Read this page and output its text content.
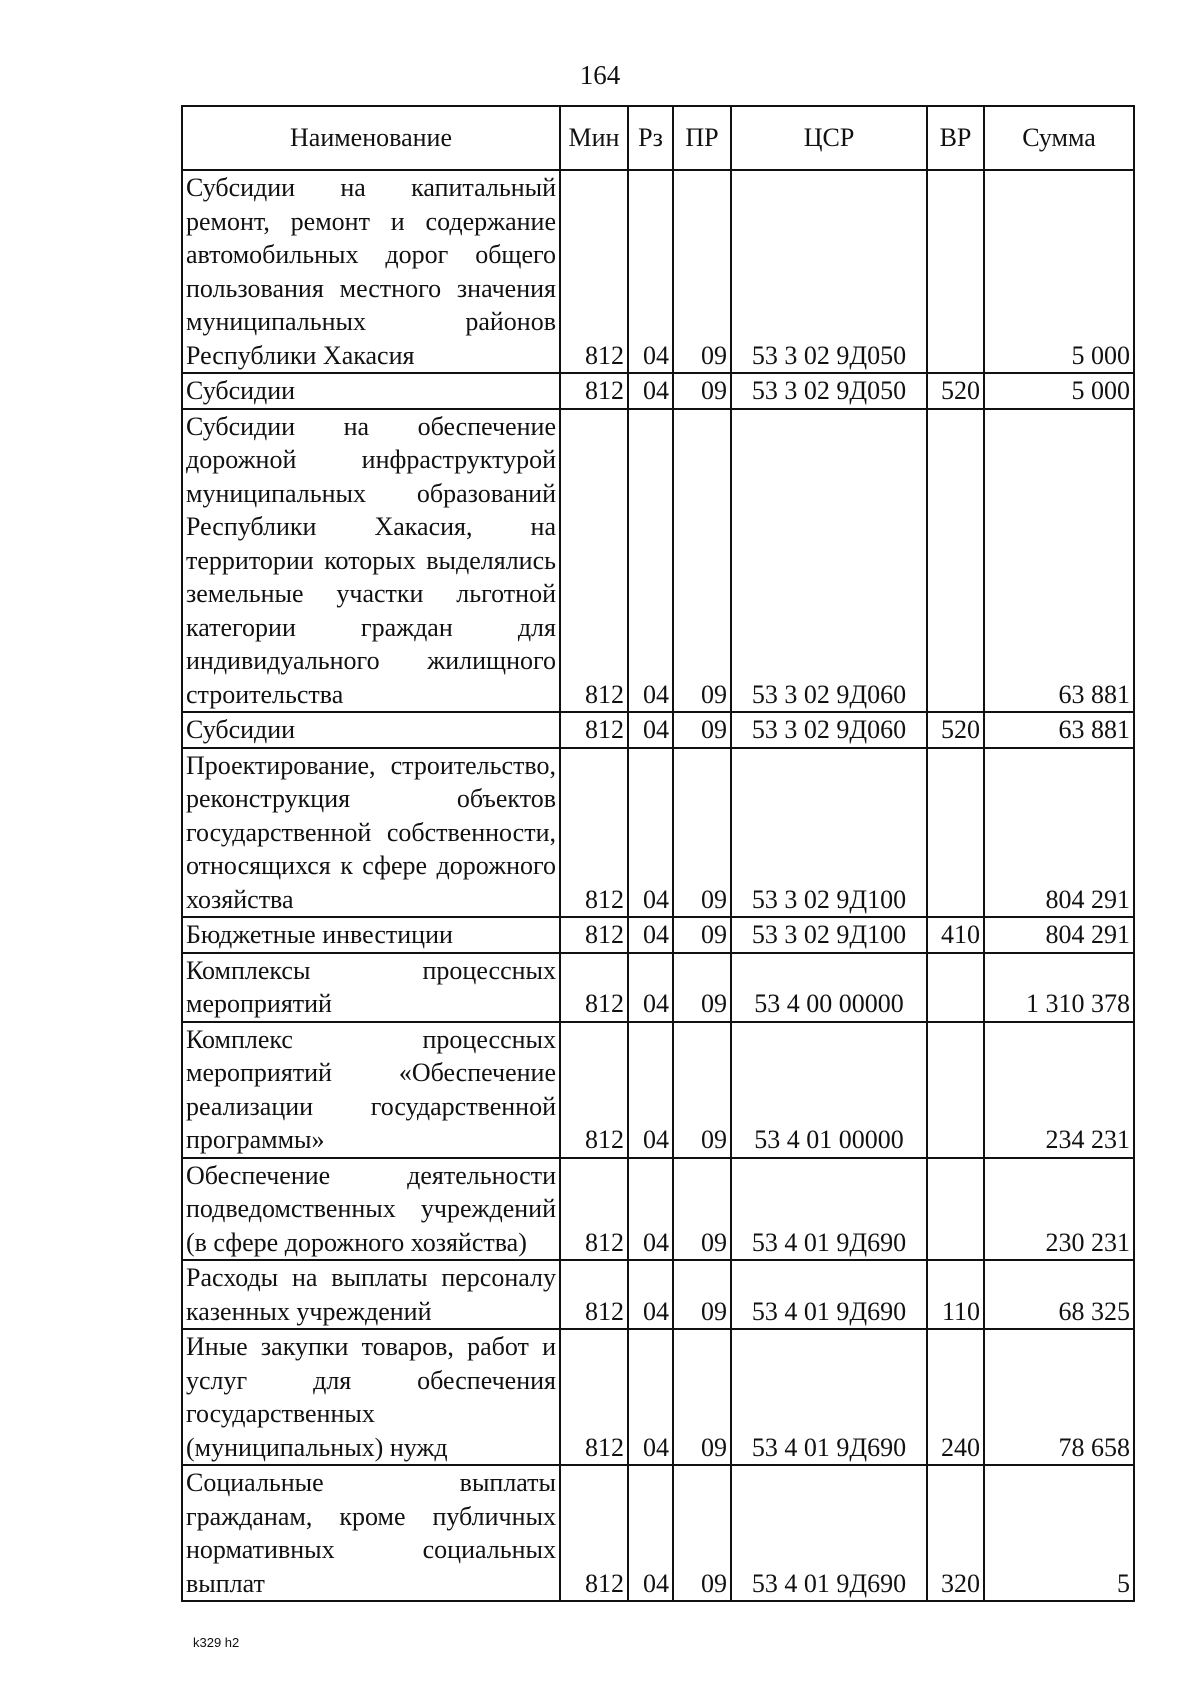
164
Наименование	Мин	Рз	ПР	ЦСР	ВР	Сумма
Субсидии на капитальный ремонт, ремонт и содержание автомобильных дорог общего пользования местного значения муниципальных районов Республики Хакасия	812	04	09	53 3 02 9Д050		5 000
Субсидии	812	04	09	53 3 02 9Д050	520	5 000
Субсидии на обеспечение дорожной инфраструктурой муниципальных образований Республики Хакасия, на территории которых выделялись земельные участки льготной категории граждан для индивидуального жилищного строительства	812	04	09	53 3 02 9Д060		63 881
Субсидии	812	04	09	53 3 02 9Д060	520	63 881
Проектирование, строительство, реконструкция объектов государственной собственности, относящихся к сфере дорожного хозяйства	812	04	09	53 3 02 9Д100		804 291
Бюджетные инвестиции	812	04	09	53 3 02 9Д100	410	804 291
Комплексы процессных мероприятий	812	04	09	53 4 00 00000		1 310 378
Комплекс процессных мероприятий «Обеспечение реализации государственной программы»	812	04	09	53 4 01 00000		234 231
Обеспечение деятельности подведомственных учреждений (в сфере дорожного хозяйства)	812	04	09	53 4 01 9Д690		230 231
Расходы на выплаты персоналу казенных учреждений	812	04	09	53 4 01 9Д690	110	68 325
Иные закупки товаров, работ и услуг для обеспечения государственных (муниципальных) нужд	812	04	09	53 4 01 9Д690	240	78 658
Социальные выплаты гражданам, кроме публичных нормативных социальных выплат	812	04	09	53 4 01 9Д690	320	5
k329 h2
